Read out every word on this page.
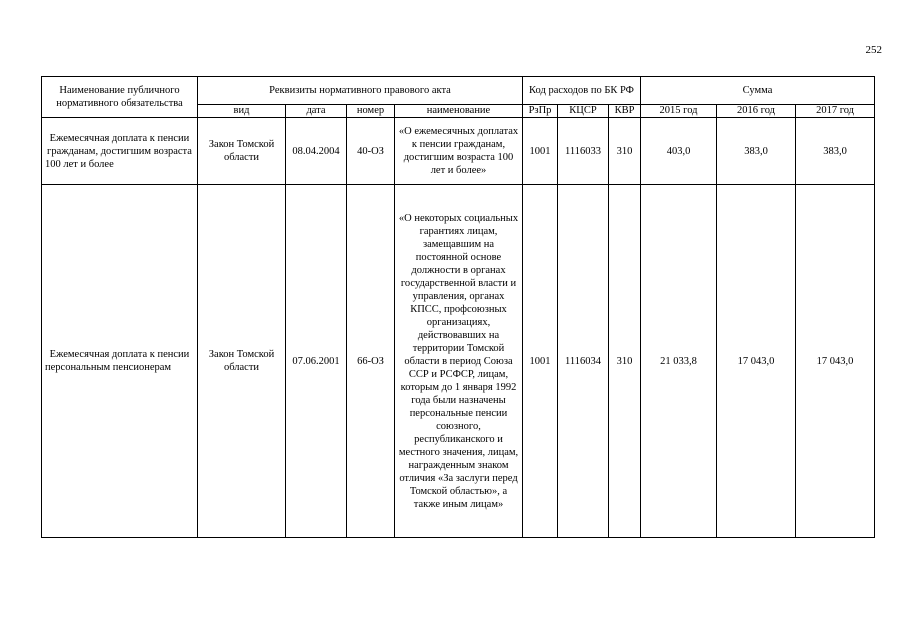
252
Наименование публичного нормативного обязательства	Реквизиты нормативного правового акта				Код расходов по БК РФ			Сумма		
	вид	дата	номер	наименование	РзПр	КЦСР	КВР	2015 год	2016 год	2017 год
Ежемесячная доплата к пенсии гражданам, достигшим возраста 100 лет и более	Закон Томской области	08.04.2004	40-ОЗ	«О ежемесячных доплатах к пенсии гражданам, достигшим возраста 100 лет и более»	1001	1116033	310	403,0	383,0	383,0
Ежемесячная доплата к пенсии персональным пенсионерам	Закон Томской области	07.06.2001	66-ОЗ	«О некоторых социальных гарантиях лицам, замещавшим на постоянной основе должности в органах государственной власти и управления, органах КПСС, профсоюзных организациях, действовавших на территории Томской области в период Союза ССР и РСФСР, лицам, которым до 1 января 1992 года были назначены персональные пенсии союзного, республиканского и местного значения, лицам, награжденным знаком отличия «За заслуги перед Томской областью», а также иным лицам»	1001	1116034	310	21 033,8	17 043,0	17 043,0
